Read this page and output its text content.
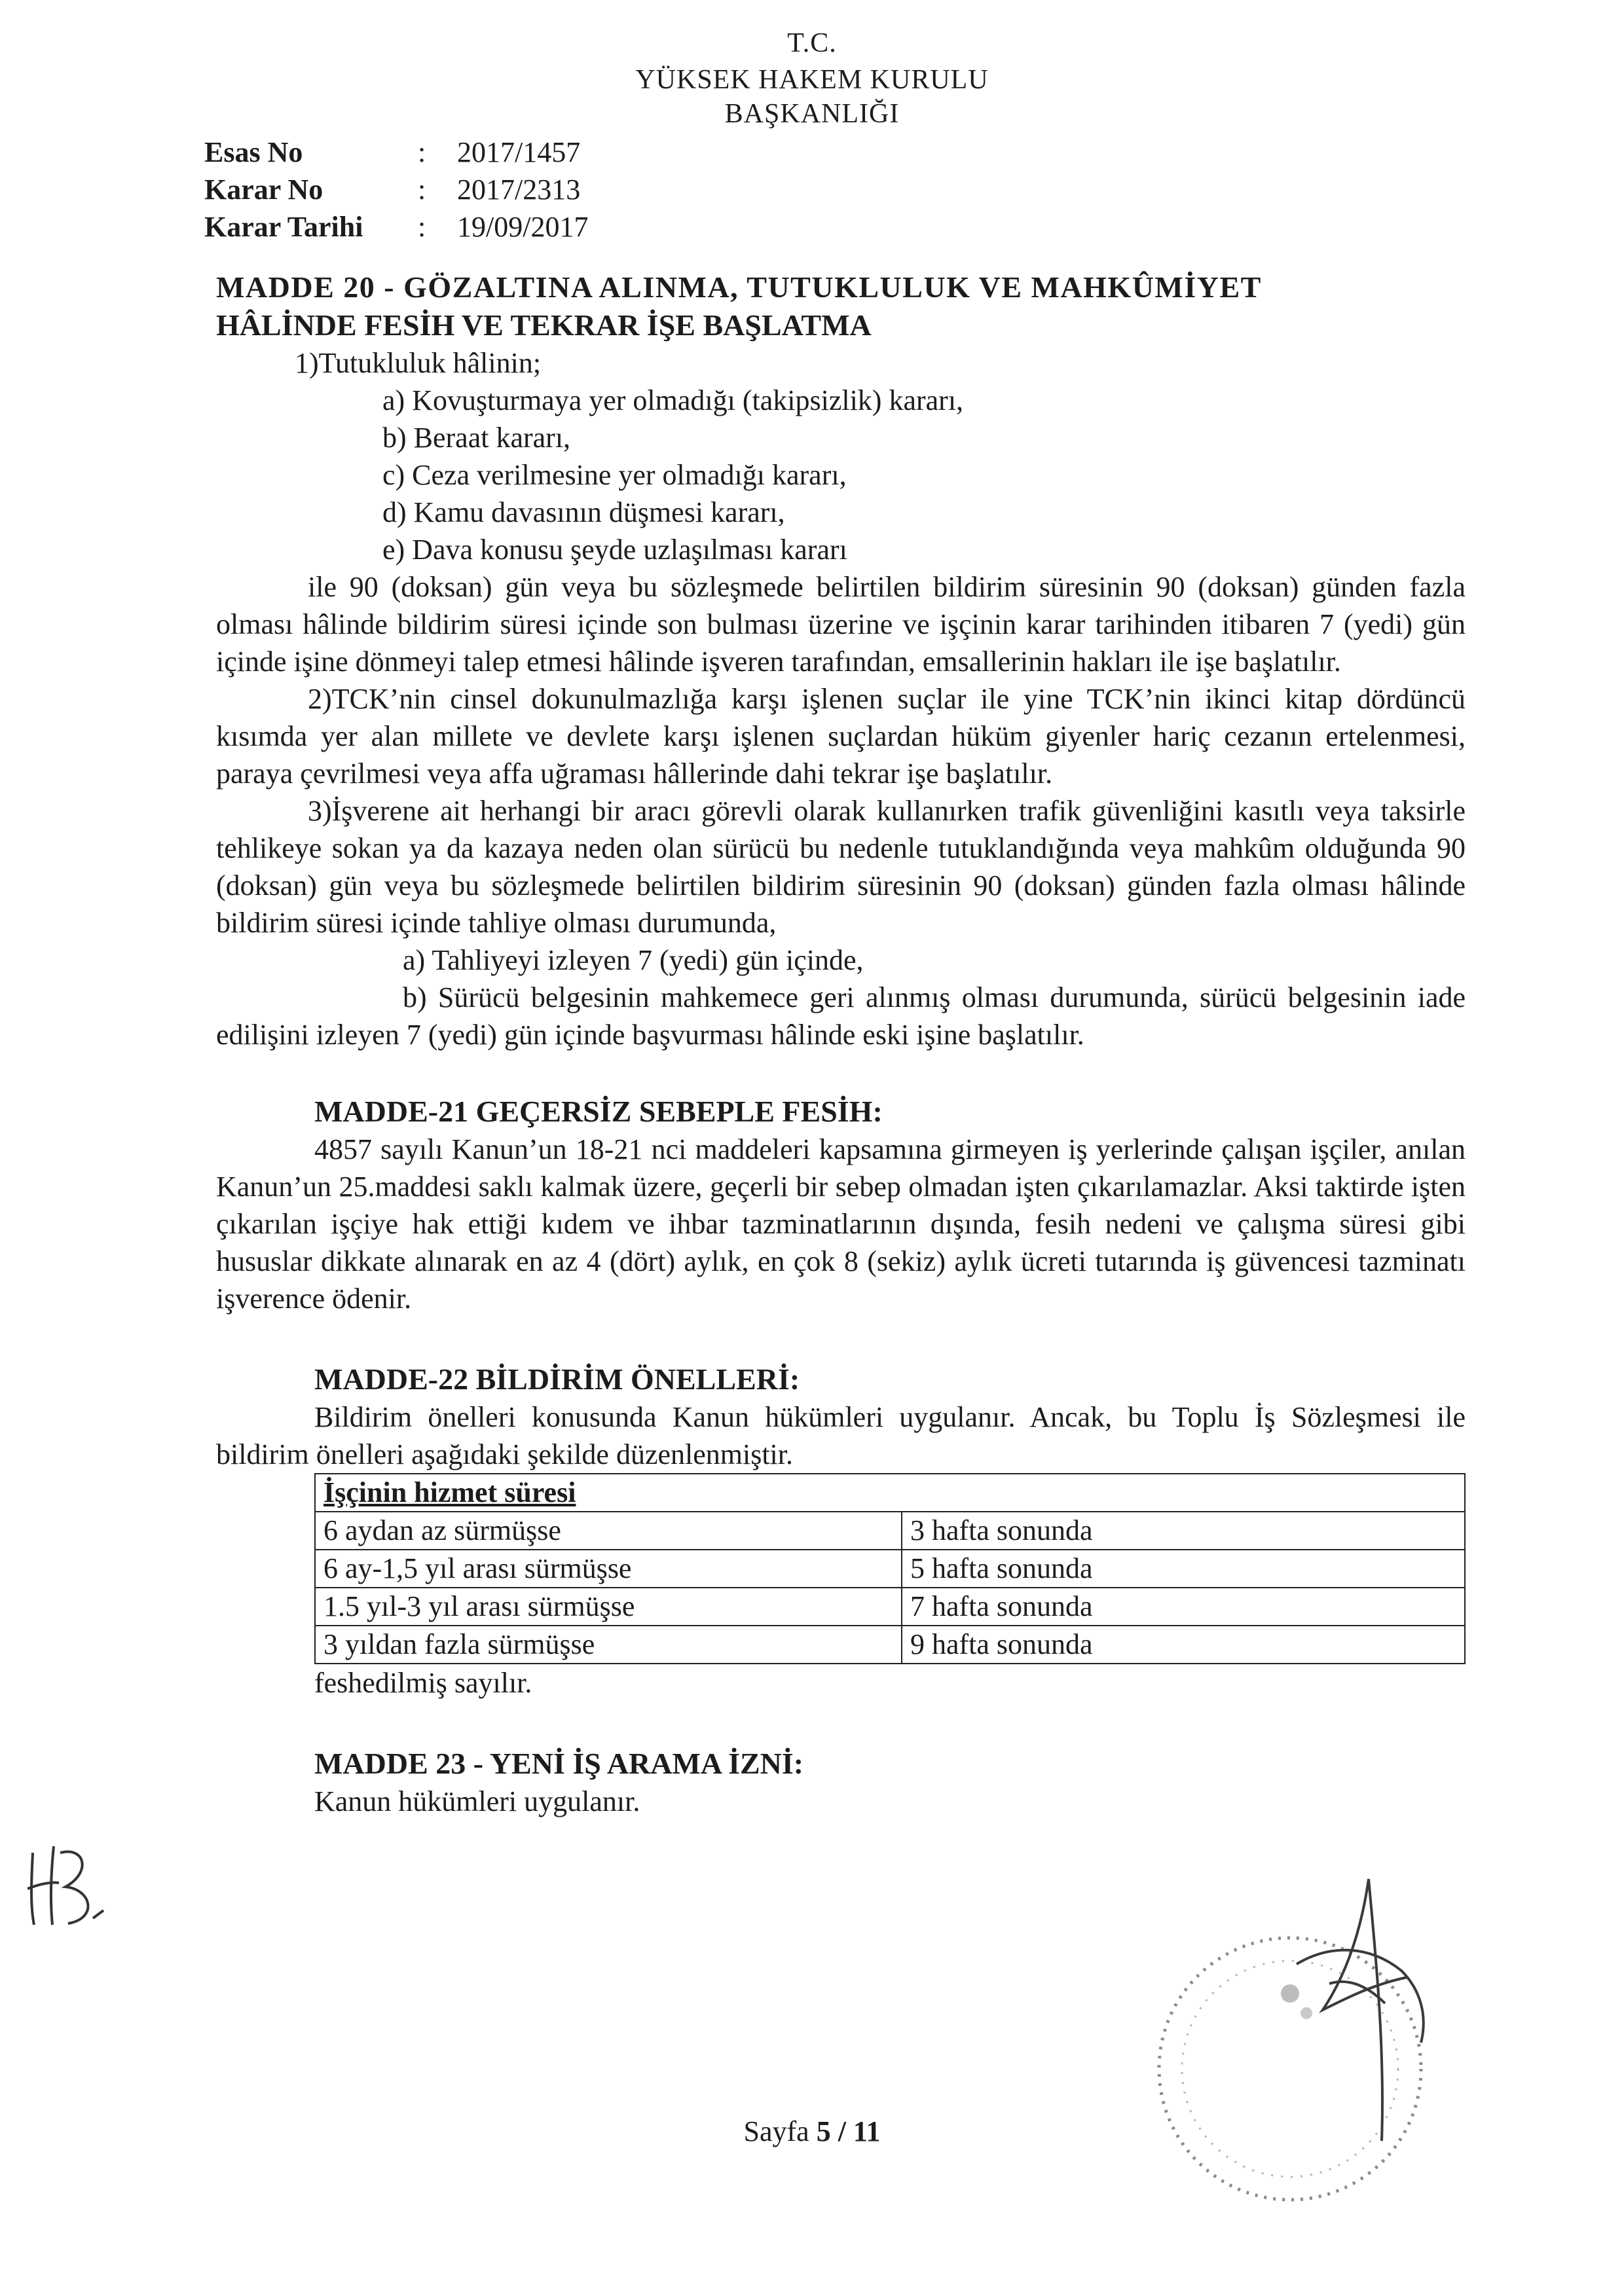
T.C.
YÜKSEK HAKEM KURULU
BAŞKANLIĞI
Esas No	:	2017/1457
Karar No	:	2017/2313
Karar Tarihi	:	19/09/2017
MADDE 20 - GÖZALTINA ALINMA, TUTUKLULUK VE MAHKÛMİYET
HÂLİNDE FESİH VE TEKRAR İŞE BAŞLATMA
1)Tutukluluk hâlinin;
a) Kovuşturmaya yer olmadığı (takipsizlik) kararı,
b) Beraat kararı,
c) Ceza verilmesine yer olmadığı kararı,
d) Kamu davasının düşmesi kararı,
e) Dava konusu şeyde uzlaşılması kararı
ile 90 (doksan) gün veya bu sözleşmede belirtilen bildirim süresinin 90 (doksan) günden fazla olması hâlinde bildirim süresi içinde son bulması üzerine ve işçinin karar tarihinden itibaren 7 (yedi) gün içinde işine dönmeyi talep etmesi hâlinde işveren tarafından, emsallerinin hakları ile işe başlatılır.
2)TCK’nin cinsel dokunulmazlığa karşı işlenen suçlar ile yine TCK’nin ikinci kitap dördüncü kısımda yer alan millete ve devlete karşı işlenen suçlardan hüküm giyenler hariç cezanın ertelenmesi, paraya çevrilmesi veya affa uğraması hâllerinde dahi tekrar işe başlatılır.
3)İşverene ait herhangi bir aracı görevli olarak kullanırken trafik güvenliğini kasıtlı veya taksirle tehlikeye sokan ya da kazaya neden olan sürücü bu nedenle tutuklandığında veya mahkûm olduğunda 90 (doksan) gün veya bu sözleşmede belirtilen bildirim süresinin 90 (doksan) günden fazla olması hâlinde bildirim süresi içinde tahliye olması durumunda,
a) Tahliyeyi izleyen 7 (yedi) gün içinde,
b) Sürücü belgesinin mahkemece geri alınmış olması durumunda, sürücü belgesinin iade edilişini izleyen 7 (yedi) gün içinde başvurması hâlinde eski işine başlatılır.
MADDE-21 GEÇERSİZ SEBEPLE FESİH:
4857 sayılı Kanun’un 18-21 nci maddeleri kapsamına girmeyen iş yerlerinde çalışan işçiler, anılan Kanun’un 25.maddesi saklı kalmak üzere, geçerli bir sebep olmadan işten çıkarılamazlar. Aksi taktirde işten çıkarılan işçiye hak ettiği kıdem ve ihbar tazminatlarının dışında, fesih nedeni ve çalışma süresi gibi hususlar dikkate alınarak en az 4 (dört) aylık, en çok 8 (sekiz) aylık ücreti tutarında iş güvencesi tazminatı işverence ödenir.
MADDE-22 BİLDİRİM ÖNELLERİ:
Bildirim önelleri konusunda Kanun hükümleri uygulanır. Ancak, bu Toplu İş Sözleşmesi ile bildirim önelleri aşağıdaki şekilde düzenlenmiştir.
İşçinin hizmet süresi	
6 aydan az sürmüşse	3 hafta sonunda
6 ay-1,5 yıl arası sürmüşse	5 hafta sonunda
1.5 yıl-3 yıl arası sürmüşse	7 hafta sonunda
3 yıldan fazla sürmüşse	9 hafta sonunda
feshedilmiş sayılır.
MADDE 23 - YENİ İŞ ARAMA İZNİ:
Kanun hükümleri uygulanır.
Sayfa 5 / 11
